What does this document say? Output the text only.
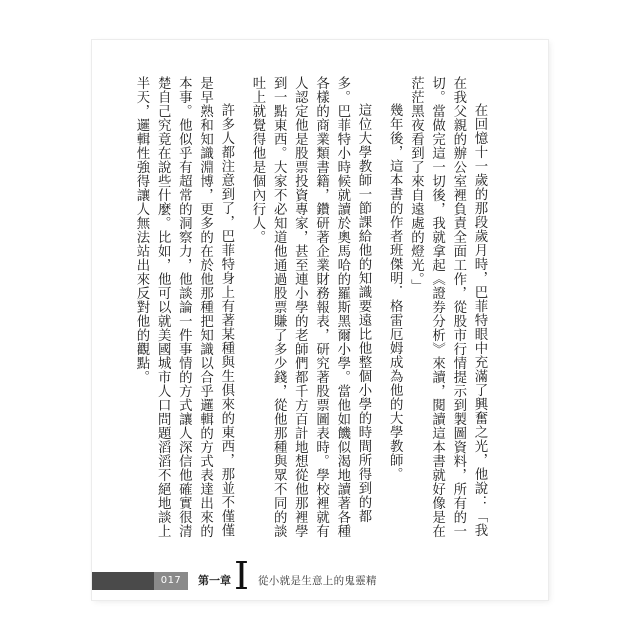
在回憶十一歲的那段歲月時，巴菲特眼中充滿了興奮之光，他說：「我在我父親的辦公室裡負責全面工作，從股市行情提示到製圖資料，所有的一切。當做完這一切後，我就拿起《證券分析》來讀，閱讀這本書就好像是在茫茫黑夜看到了來自遠處的燈光。」

幾年後，這本書的作者班傑明．格雷厄姆成為他的大學教師。

這位大學教師一節課給他的知識要遠比他整個小學的時間所得到的都多。巴菲特小時候就讀於奧馬哈的羅斯黑爾小學。當他如饑似渴地讀著各種各樣的商業類書籍，鑽研著企業財務報表，研究著股票圖表時。學校裡就有人認定他是股票投資專家，甚至連小學的老師們都千方百計地想從他那裡學到一點東西。大家不必知道他通過股票賺了多少錢，從他那種與眾不同的談吐上就覺得他是個內行人。

許多人都注意到了，巴菲特身上有著某種與生俱來的東西，那並不僅僅是早熟和知識淵博，更多的在於他那種把知識以合乎邏輯的方式表達出來的本事。他似乎有超常的洞察力，他談論一件事情的方式讓人深信他確實很清楚自己究竟在說些什麼。比如，他可以就美國城市人口問題滔滔不絕地談上半天，邏輯性強得讓人無法站出來反對他的觀點。

017	第一章 I 從小就是生意上的鬼靈精
